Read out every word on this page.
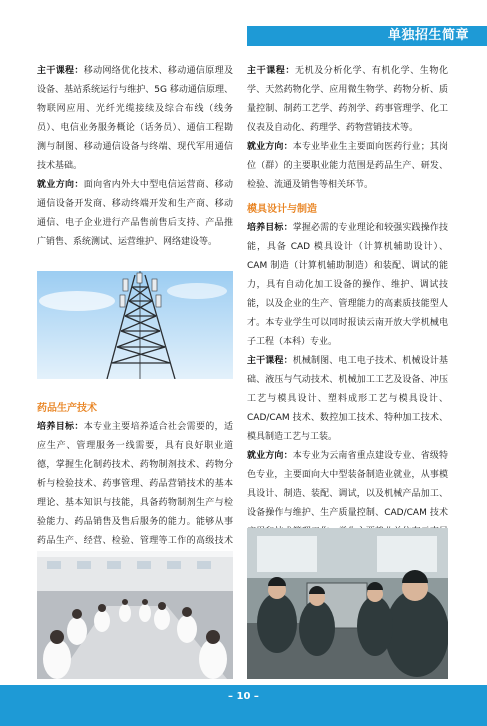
单独招生简章

主干课程：移动网络优化技术、移动通信原理及设备、基站系统运行与维护、5G 移动通信原理、物联网应用、光纤光缆接续及综合布线（线务员）、电信业务服务概论（话务员）、通信工程勘测与制图、移动通信设备与终端、现代军用通信技术基础。

就业方向：面向省内外大中型电信运营商、移动通信设备开发商、移动终端开发和生产商、移动通信、电子企业进行产品售前售后支持、产品推广销售、系统测试、运营维护、网络建设等。

药品生产技术

培养目标：本专业主要培养适合社会需要的，适应生产、管理服务一线需要，具有良好职业道德，掌握生化制药技术、药物制剂技术、药物分析与检验技术、药事管理、药品营销技术的基本理论、基本知识与技能，具备药物制剂生产与检验能力、药品销售及售后服务的能力。能够从事药品生产、经营、检验、管理等工作的高级技术

主干课程：无机及分析化学、有机化学、生物化学、天然药物化学、应用微生物学、药物分析、质量控制、制药工艺学、药剂学、药事管理学、化工仪表及自动化、药理学、药物营销技术等。

就业方向：本专业毕业生主要面向医药行业；其岗位（群）的主要职业能力范围是药品生产、研发、检验、流通及销售等相关环节。

模具设计与制造

培养目标：掌握必需的专业理论和较强实践操作技能，具备 CAD 模具设计（计算机辅助设计）、CAM 制造（计算机辅助制造）和装配、调试的能力，具有自动化加工设备的操作、维护、调试技能，以及企业的生产、管理能力的高素质技能型人才。本专业学生可以同时报读云南开放大学机械电子工程（本科）专业。

主干课程：机械制图、电工电子技术、机械设计基础、液压与气动技术、机械加工工艺及设备、冲压工艺与模具设计、塑料成形工艺与模具设计、CAD/CAM 技术、数控加工技术、特种加工技术、模具制造工艺与工装。

就业方向：本专业为云南省重点建设专业、省级特色专业，主要面向大中型装备制造业就业，从事模具设计、制造、装配、调试，以及机械产品加工、设备操作与维护、生产质量控制、CAD/CAM 技术

– 10 –
